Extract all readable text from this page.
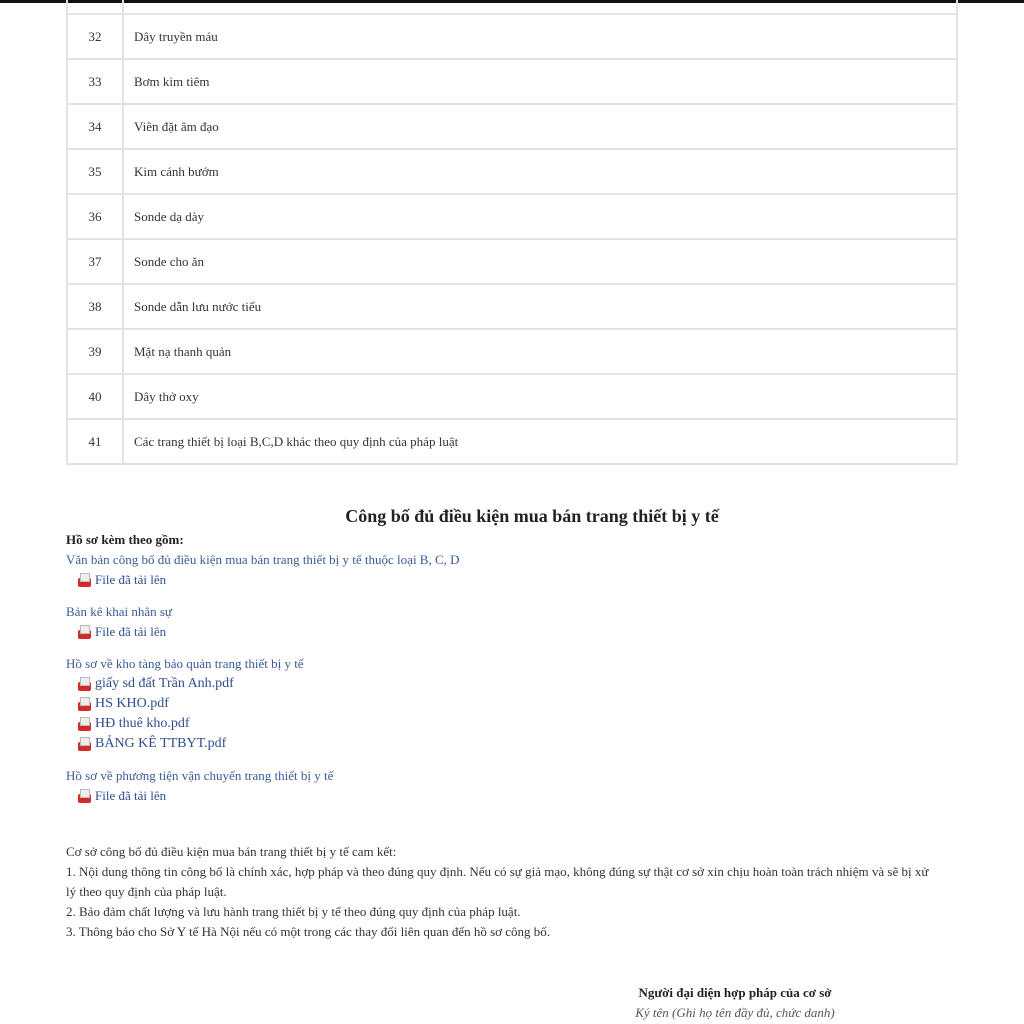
32	Dây truyền máu
33	Bơm kim tiêm
34	Viên đặt âm đạo
35	Kim cánh bướm
36	Sonde dạ dày
37	Sonde cho ăn
38	Sonde dẫn lưu nước tiểu
39	Mặt nạ thanh quản
40	Dây thở oxy
41	Các trang thiết bị loại B,C,D khác theo quy định của pháp luật
Công bố đủ điều kiện mua bán trang thiết bị y tế
Hồ sơ kèm theo gồm:
Văn bản công bố đủ điều kiện mua bán trang thiết bị y tế thuộc loại B, C, D
File đã tải lên
Bản kê khai nhân sự
File đã tải lên
Hồ sơ về kho tàng bảo quản trang thiết bị y tế
giấy sd đất Trần Anh.pdf
HS KHO.pdf
HĐ thuê kho.pdf
BẢNG KÊ TTBYT.pdf
Hồ sơ về phương tiện vận chuyển trang thiết bị y tế
File đã tải lên
Cơ sở công bố đủ điều kiện mua bán trang thiết bị y tế cam kết:
1. Nội dung thông tin công bố là chính xác, hợp pháp và theo đúng quy định. Nếu có sự giả mạo, không đúng sự thật cơ sở xin chịu hoàn toàn trách nhiệm và sẽ bị xử lý theo quy định của pháp luật.
2. Bảo đảm chất lượng và lưu hành trang thiết bị y tế theo đúng quy định của pháp luật.
3. Thông báo cho Sở Y tế Hà Nội nếu có một trong các thay đổi liên quan đến hồ sơ công bố.
Người đại diện hợp pháp của cơ sở
Ký tên (Ghi họ tên đầy đủ, chức danh)
